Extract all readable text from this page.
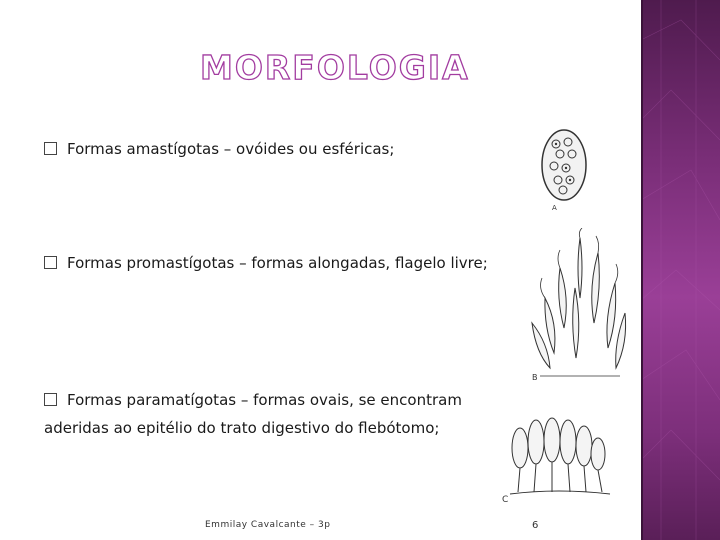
MORFOLOGIA
Formas amastígotas – ovóides ou esféricas;
Formas promastígotas – formas alongadas, flagelo livre;
Formas paramatígotas – formas ovais, se encontram
aderidas ao epitélio do trato digestivo do flebótomo;
A
B
C
Emmilay Cavalcante – 3p	6
